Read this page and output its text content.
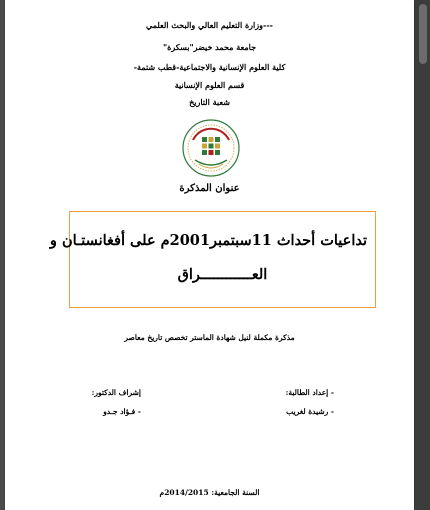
---وزارة التعليم العالي والبحث العلمي
جامعة محمد خيضر"بسكرة"
كلية العلوم الإنسانية والاجتماعية-قطب شتمة-
قسم العلوم الإنسانية
شعبة التاريخ
عنوان المذكرة
تداعيات أحداث 11سبتمبر2001م على أفغانستـان و
العــــــــــــراق
مذكرة مكملة لنيل شهادة الماستر تخصص تاريخ معاصر
- إعداد الطالبة:
- رشيدة لغريب
إشراف الدكتور:
- فـؤاد جـدو
السنة الجامعية: 2014/2015م
